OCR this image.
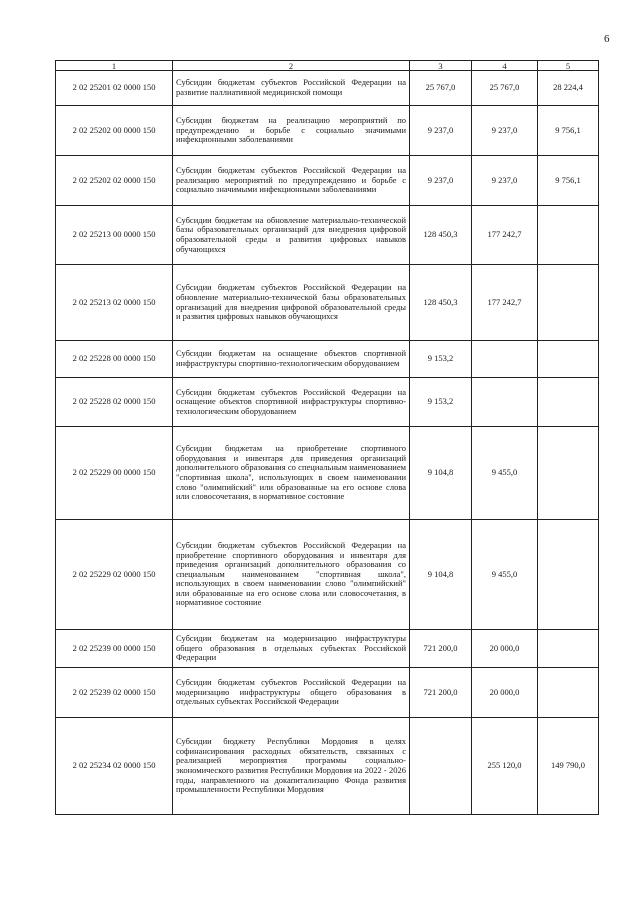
6
1	2	3	4	5
2 02 25201 02 0000 150	Субсидии бюджетам субъектов Российской Федерации на развитие паллиативной медицинской помощи	25 767,0	25 767,0	28 224,4
2 02 25202 00 0000 150	Субсидии бюджетам на реализацию мероприятий по предупреждению и борьбе с социально значимыми инфекционными заболеваниями	9 237,0	9 237,0	9 756,1
2 02 25202 02 0000 150	Субсидии бюджетам субъектов Российской Федерации на реализацию мероприятий по предупреждению и борьбе с социально значимыми инфекционными заболеваниями	9 237,0	9 237,0	9 756,1
2 02 25213 00 0000 150	Субсидии бюджетам на обновление материально-технической базы образовательных организаций для внедрения цифровой образовательной среды и развития цифровых навыков обучающихся	128 450,3	177 242,7	
2 02 25213 02 0000 150	Субсидии бюджетам субъектов Российской Федерации на обновление материально-технической базы образовательных организаций для внедрения цифровой образовательной среды и развития цифровых навыков обучающихся	128 450,3	177 242,7	
2 02 25228 00 0000 150	Субсидии бюджетам на оснащение объектов спортивной инфраструктуры спортивно-технологическим оборудованием	9 153,2		
2 02 25228 02 0000 150	Субсидии бюджетам субъектов Российской Федерации на оснащение объектов спортивной инфраструктуры спортивно-технологическим оборудованием	9 153,2		
2 02 25229 00 0000 150	Субсидии бюджетам на приобретение спортивного оборудования и инвентаря для приведения организаций дополнительного образования со специальным наименованием "спортивная школа", использующих в своем наименовании слово "олимпийский" или образованные на его основе слова или словосочетания, в нормативное состояние	9 104,8	9 455,0	
2 02 25229 02 0000 150	Субсидии бюджетам субъектов Российской Федерации на приобретение спортивного оборудования и инвентаря для приведения организаций дополнительного образования со специальным наименованием "спортивная школа", использующих в своем наименовании слово "олимпийский" или образованные на его основе слова или словосочетания, в нормативное состояние	9 104,8	9 455,0	
2 02 25239 00 0000 150	Субсидии бюджетам на модернизацию инфраструктуры общего образования в отдельных субъектах Российской Федерации	721 200,0	20 000,0	
2 02 25239 02 0000 150	Субсидии бюджетам субъектов Российской Федерации на модернизацию инфраструктуры общего образования в отдельных субъектах Российской Федерации	721 200,0	20 000,0	
2 02 25234 02 0000 150	Субсидии бюджету Республики Мордовия в целях софинансирования расходных обязательств, связанных с реализацией мероприятия программы социально-экономического развития Республики Мордовия на 2022 - 2026 годы, направленного на докапитализацию Фонда развития промышленности Республики Мордовия		255 120,0	149 790,0
